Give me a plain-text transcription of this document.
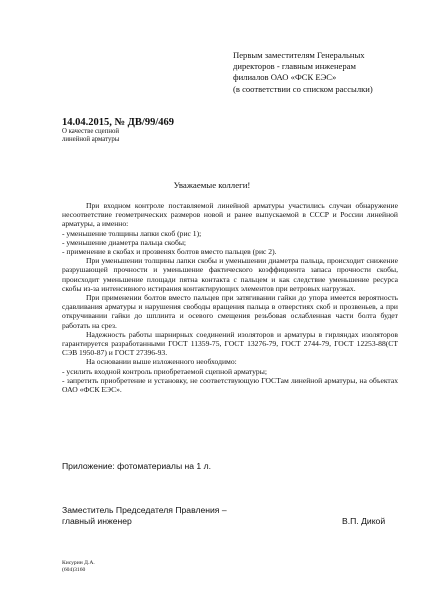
Первым заместителям Генеральных
директоров - главным инженерам
филиалов ОАО «ФСК ЕЭС»
(в соответствии со списком рассылки)
14.04.2015, № ДВ/99/469
О качестве сцепной
линейной арматуры
Уважаемые коллеги!

При входном контроле поставляемой линейной арматуры участились случаи обнаружение несоответствие геометрических размеров новой и ранее выпускаемой в СССР и России линейной арматуры, а именно:

- уменьшение толщины лапки скоб (рис 1);

- уменьшение диаметра пальца скобы;

- применение в скобах и прозвенях болтов вместо пальцев (рис 2).

При уменьшении толщины лапки скобы и уменьшении диаметра пальца, происходит снижение разрушающей прочности и уменьшение фактического коэффициента запаса прочности скобы, происходит уменьшение площади пятна контакта с пальцем и как следствие уменьшение ресурса скобы из-за интенсивного истирания контактирующих элементов при ветровых нагрузках.

При применении болтов вместо пальцев при затягивании гайки до упора имеется вероятность сдавливания арматуры и нарушения свободы вращения пальца в отверстиях скоб и прозвеньев, а при откручивании гайки до шплинта и осевого смещения резьбовая ослабленная части болта будет работать на срез.

Надежность работы шарнирных соединений изоляторов и арматуры в гирляндах изоляторов гарантируется разработанными ГОСТ 11359-75, ГОСТ 13276-79, ГОСТ 2744-79, ГОСТ 12253-88(СТ СЭВ 1950-87) и ГОСТ 27396-93.

На основании выше изложенного необходимо:

- усилить входной контроль приобретаемой сцепной арматуры;

- запретить приобретение и установку, не соответствующую ГОСТам линейной арматуры, на объектах ОАО «ФСК ЕЭС».

Приложение: фотоматериалы на 1 л.
Заместитель Председателя Правления –
главный инженер	В.П. Дикой
Кисурин Д.А.
(604)3160
